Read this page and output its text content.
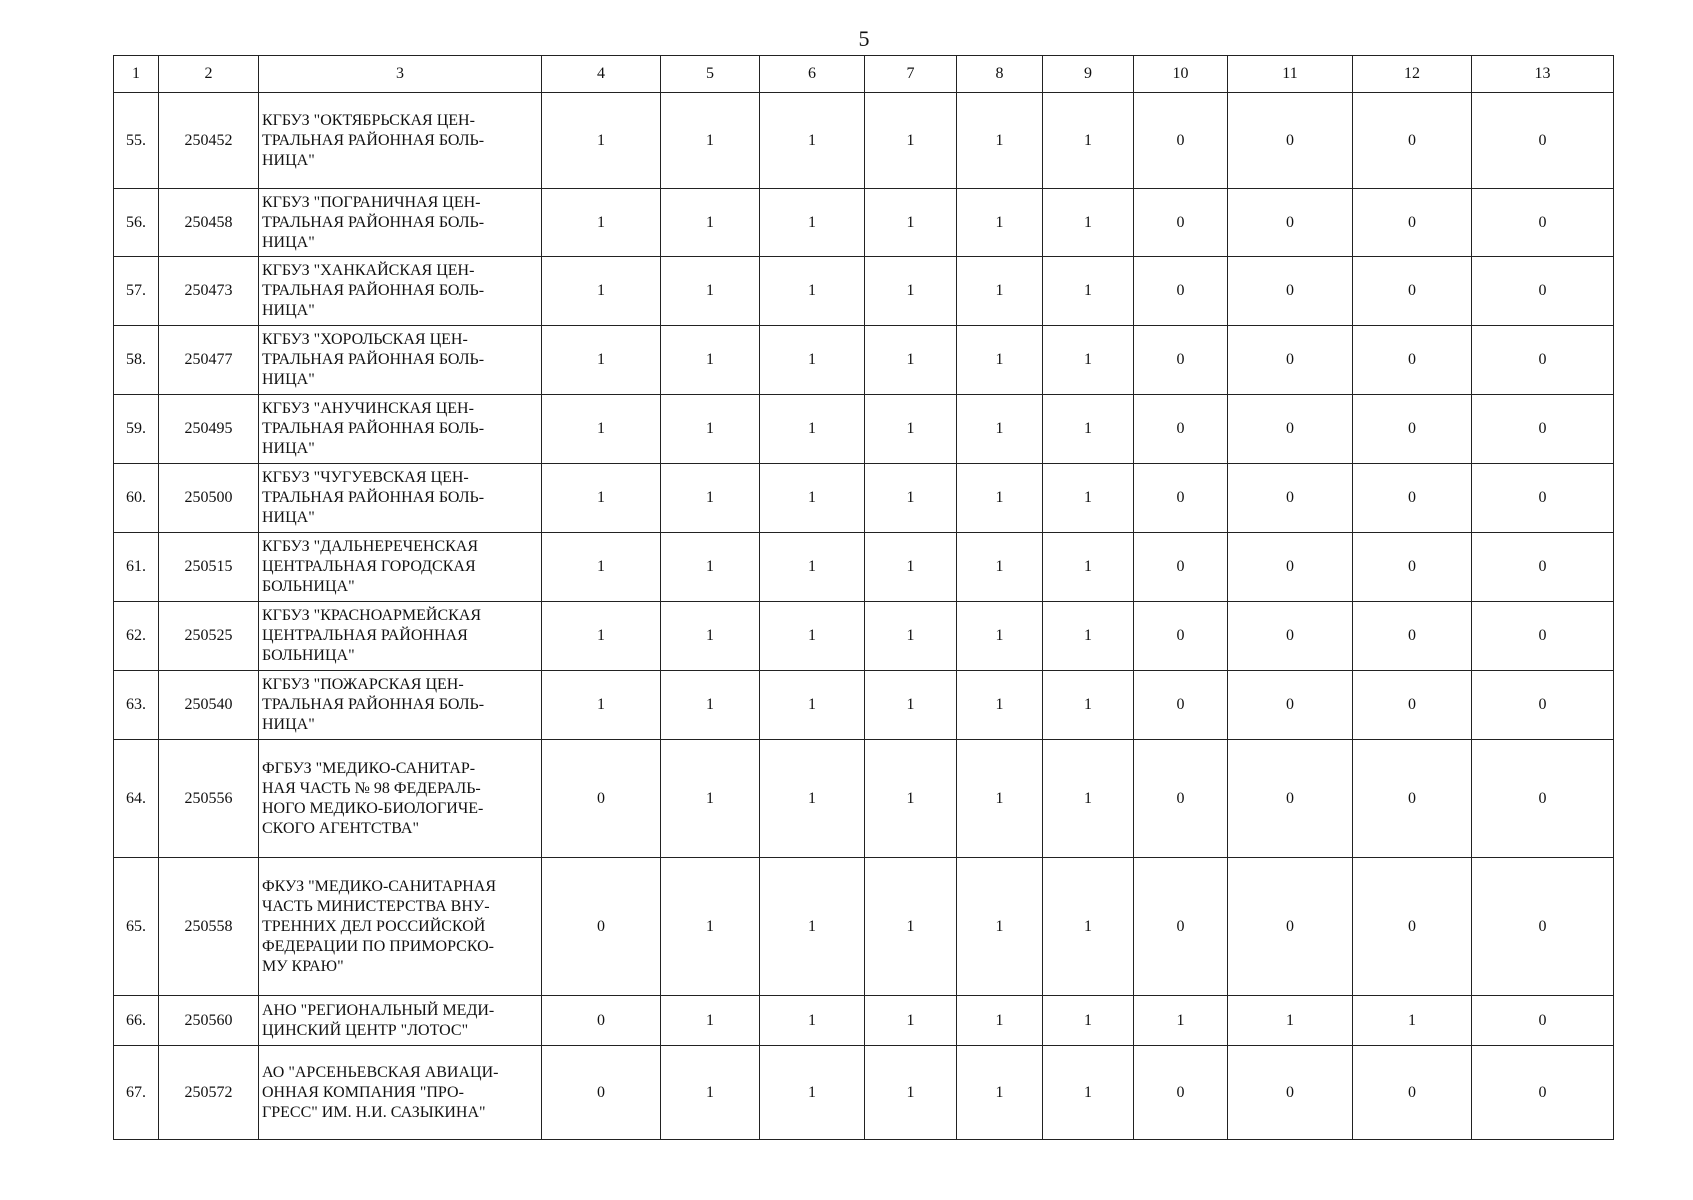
5
1	2	3	4	5	6	7	8	9	10	11	12	13
55.	250452	КГБУЗ "ОКТЯБРЬСКАЯ ЦЕН-
ТРАЛЬНАЯ РАЙОННАЯ БОЛЬ-
НИЦА"	1	1	1	1	1	1	0	0	0	0
56.	250458	КГБУЗ "ПОГРАНИЧНАЯ ЦЕН-
ТРАЛЬНАЯ РАЙОННАЯ БОЛЬ-
НИЦА"	1	1	1	1	1	1	0	0	0	0
57.	250473	КГБУЗ "ХАНКАЙСКАЯ ЦЕН-
ТРАЛЬНАЯ РАЙОННАЯ БОЛЬ-
НИЦА"	1	1	1	1	1	1	0	0	0	0
58.	250477	КГБУЗ "ХОРОЛЬСКАЯ ЦЕН-
ТРАЛЬНАЯ РАЙОННАЯ БОЛЬ-
НИЦА"	1	1	1	1	1	1	0	0	0	0
59.	250495	КГБУЗ "АНУЧИНСКАЯ ЦЕН-
ТРАЛЬНАЯ РАЙОННАЯ БОЛЬ-
НИЦА"	1	1	1	1	1	1	0	0	0	0
60.	250500	КГБУЗ "ЧУГУЕВСКАЯ ЦЕН-
ТРАЛЬНАЯ РАЙОННАЯ БОЛЬ-
НИЦА"	1	1	1	1	1	1	0	0	0	0
61.	250515	КГБУЗ "ДАЛЬНЕРЕЧЕНСКАЯ
ЦЕНТРАЛЬНАЯ ГОРОДСКАЯ
БОЛЬНИЦА"	1	1	1	1	1	1	0	0	0	0
62.	250525	КГБУЗ "КРАСНОАРМЕЙСКАЯ
ЦЕНТРАЛЬНАЯ РАЙОННАЯ
БОЛЬНИЦА"	1	1	1	1	1	1	0	0	0	0
63.	250540	КГБУЗ "ПОЖАРСКАЯ ЦЕН-
ТРАЛЬНАЯ РАЙОННАЯ БОЛЬ-
НИЦА"	1	1	1	1	1	1	0	0	0	0
64.	250556	ФГБУЗ "МЕДИКО-САНИТАР-
НАЯ ЧАСТЬ № 98 ФЕДЕРАЛЬ-
НОГО МЕДИКО-БИОЛОГИЧЕ-
СКОГО АГЕНТСТВА"	0	1	1	1	1	1	0	0	0	0
65.	250558	ФКУЗ "МЕДИКО-САНИТАРНАЯ
ЧАСТЬ МИНИСТЕРСТВА ВНУ-
ТРЕННИХ ДЕЛ РОССИЙСКОЙ
ФЕДЕРАЦИИ ПО ПРИМОРСКО-
МУ КРАЮ"	0	1	1	1	1	1	0	0	0	0
66.	250560	АНО "РЕГИОНАЛЬНЫЙ МЕДИ-
ЦИНСКИЙ ЦЕНТР "ЛОТОС"	0	1	1	1	1	1	1	1	1	0
67.	250572	АО "АРСЕНЬЕВСКАЯ АВИАЦИ-
ОННАЯ КОМПАНИЯ "ПРО-
ГРЕСС" ИМ. Н.И. САЗЫКИНА"	0	1	1	1	1	1	0	0	0	0
